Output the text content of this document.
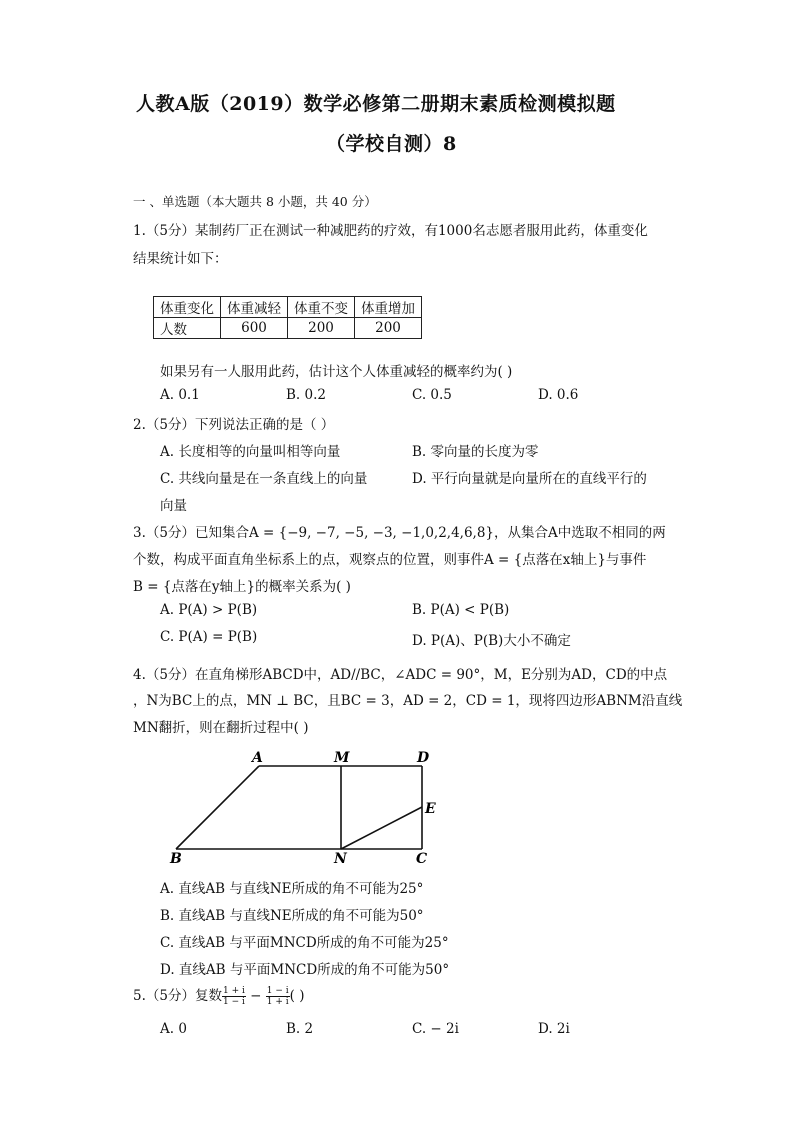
人教A版（2019）数学必修第二册期末素质检测模拟题
（学校自测）8
一 、单选题（本大题共 8 小题，共 40 分）
1.（5分）某制药厂正在测试一种减肥药的疗效，有1000名志愿者服用此药，体重变化
结果统计如下：
体重变化	体重减轻	体重不变	体重增加
人数	600	200	200
如果另有一人服用此药，估计这个人体重减轻的概率约为( )
A. 0.1	B. 0.2	C. 0.5	D. 0.6
2.（5分）下列说法正确的是（ ）
A. 长度相等的向量叫相等向量	B. 零向量的长度为零
C. 共线向量是在一条直线上的向量	D. 平行向量就是向量所在的直线平行的
向量
3.（5分）已知集合A = {−9, −7, −5, −3, −1,0,2,4,6,8}，从集合A中选取不相同的两
个数，构成平面直角坐标系上的点，观察点的位置，则事件A = {点落在x轴上}与事件
B = {点落在y轴上}的概率关系为( )
A. P(A) > P(B)	B. P(A) < P(B)
C. P(A) = P(B)	D. P(A)、P(B)大小不确定
4.（5分）在直角梯形ABCD中，AD//BC，∠ADC = 90°，M，E分别为AD，CD的中点
，N为BC上的点，MN ⊥ BC，且BC = 3，AD = 2，CD = 1，现将四边形ABNM沿直线
MN翻折，则在翻折过程中( )
A	M	D
E
B	N	C
A. 直线AB 与直线NE所成的角不可能为25°
B. 直线AB 与直线NE所成的角不可能为50°
C. 直线AB 与平面MNCD所成的角不可能为25°
D. 直线AB 与平面MNCD所成的角不可能为50°
5.（5分）复数 $\frac{1 + i}{1 - i} - \frac{1 - i}{1 + i}$ ( )
A. 0	B. 2	C. − 2i	D. 2i
